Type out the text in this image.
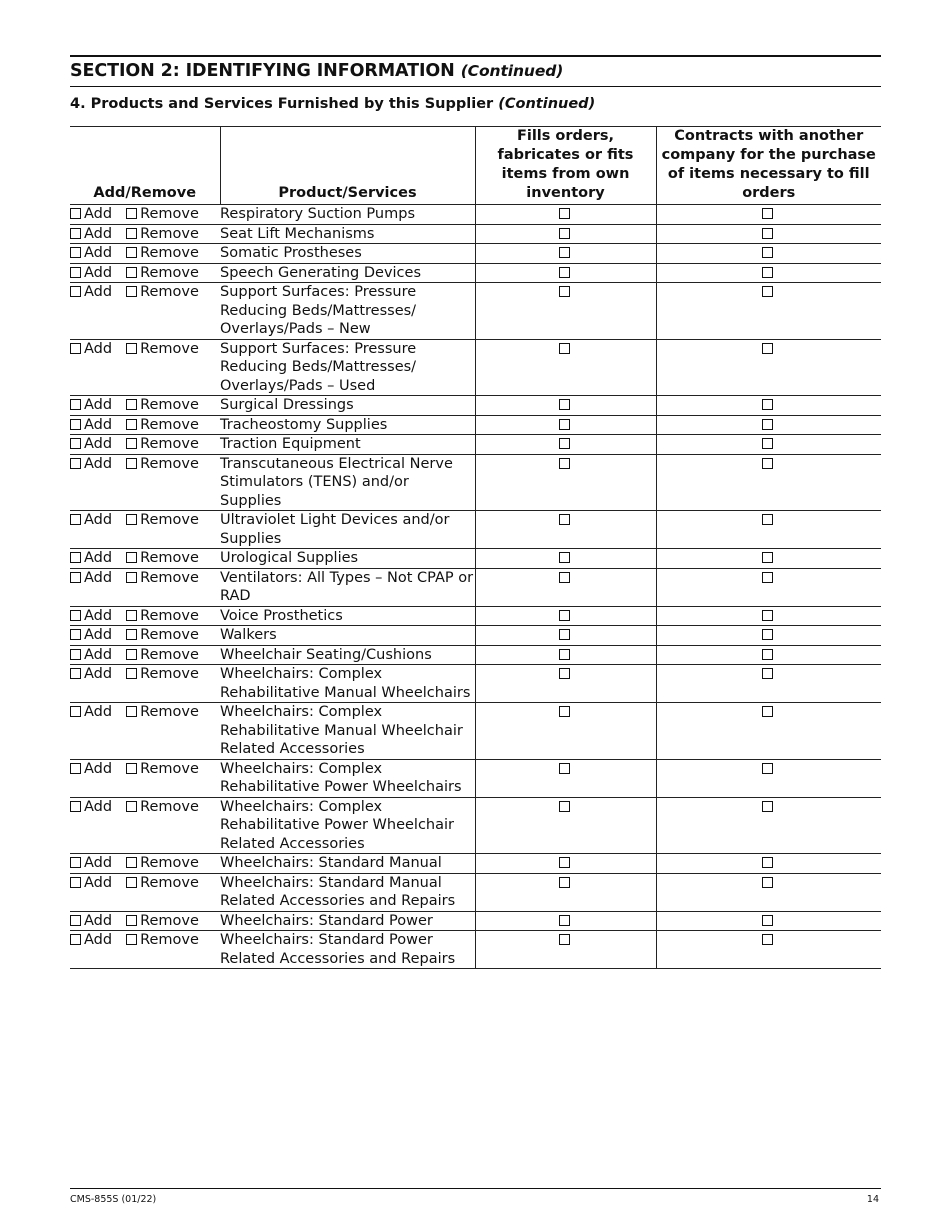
SECTION 2: IDENTIFYING INFORMATION (Continued)
4. Products and Services Furnished by this Supplier (Continued)
Add/Remove	Product/Services	Fills orders, fabricates or fits items from own inventory	Contracts with another company for the purchase of items necessary to fill orders
Add Remove	Respiratory Suction Pumps		
Add Remove	Seat Lift Mechanisms		
Add Remove	Somatic Prostheses		
Add Remove	Speech Generating Devices		
Add Remove	Support Surfaces: Pressure Reducing Beds/Mattresses/ Overlays/Pads – New		
Add Remove	Support Surfaces: Pressure Reducing Beds/Mattresses/ Overlays/Pads – Used		
Add Remove	Surgical Dressings		
Add Remove	Tracheostomy Supplies		
Add Remove	Traction Equipment		
Add Remove	Transcutaneous Electrical Nerve Stimulators (TENS) and/or Supplies		
Add Remove	Ultraviolet Light Devices and/or Supplies		
Add Remove	Urological Supplies		
Add Remove	Ventilators: All Types – Not CPAP or RAD		
Add Remove	Voice Prosthetics		
Add Remove	Walkers		
Add Remove	Wheelchair Seating/Cushions		
Add Remove	Wheelchairs: Complex Rehabilitative Manual Wheelchairs		
Add Remove	Wheelchairs: Complex Rehabilitative Manual Wheelchair Related Accessories		
Add Remove	Wheelchairs: Complex Rehabilitative Power Wheelchairs		
Add Remove	Wheelchairs: Complex Rehabilitative Power Wheelchair Related Accessories		
Add Remove	Wheelchairs: Standard Manual		
Add Remove	Wheelchairs: Standard Manual Related Accessories and Repairs		
Add Remove	Wheelchairs: Standard Power		
Add Remove	Wheelchairs: Standard Power Related Accessories and Repairs		
CMS-855S (01/22)	14
